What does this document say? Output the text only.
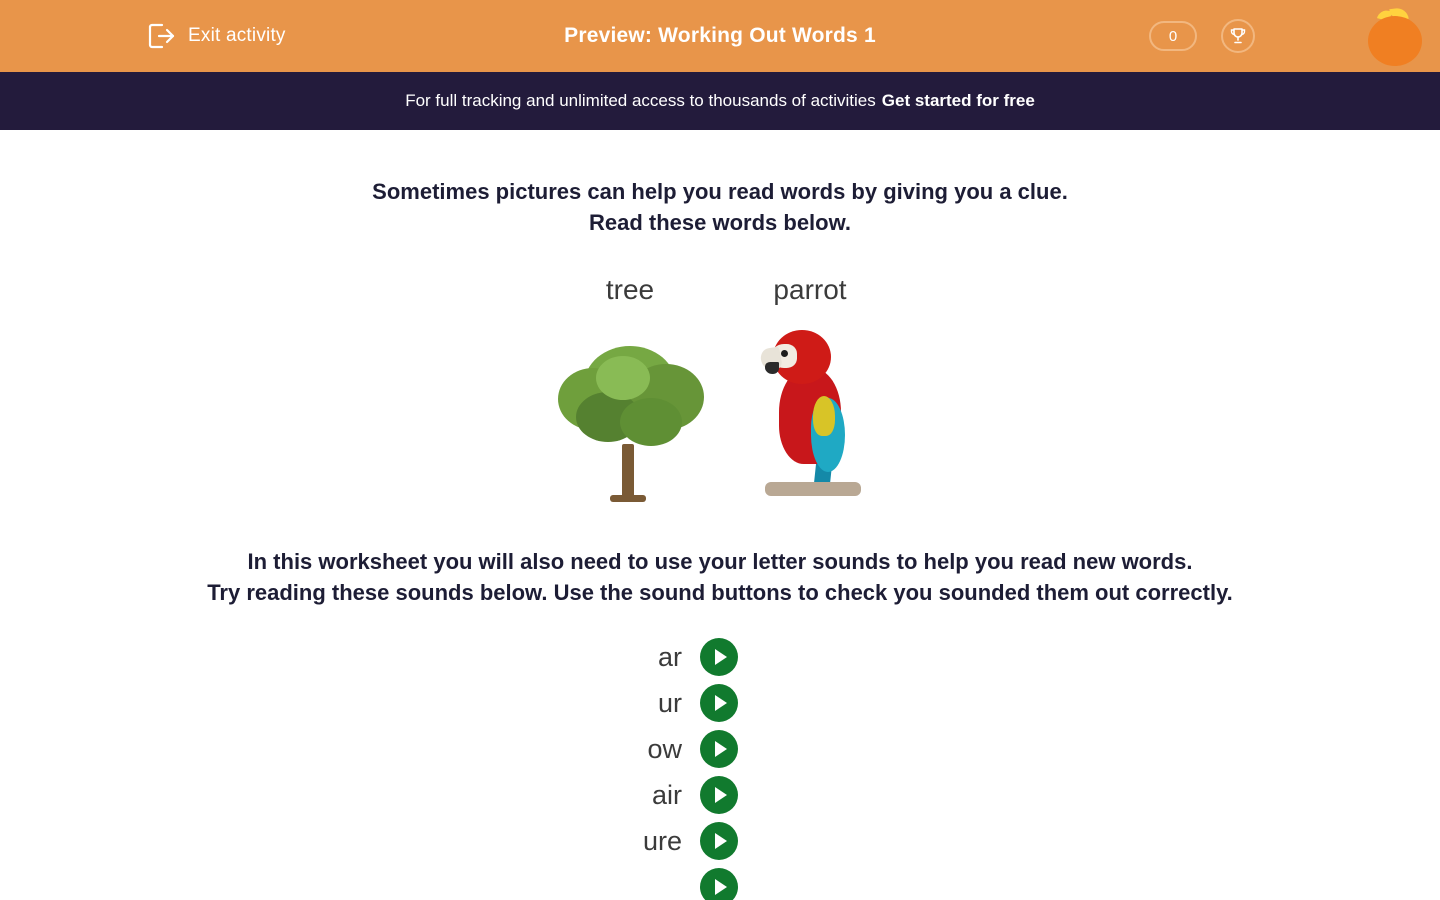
Exit activity	Preview: Working Out Words 1	0
For full tracking and unlimited access to thousands of activities Get started for free
Sometimes pictures can help you read words by giving you a clue.
Read these words below.
tree	parrot
In this worksheet you will also need to use your letter sounds to help you read new words.
Try reading these sounds below. Use the sound buttons to check you sounded them out correctly.
ar
ur
ow
air
ure
